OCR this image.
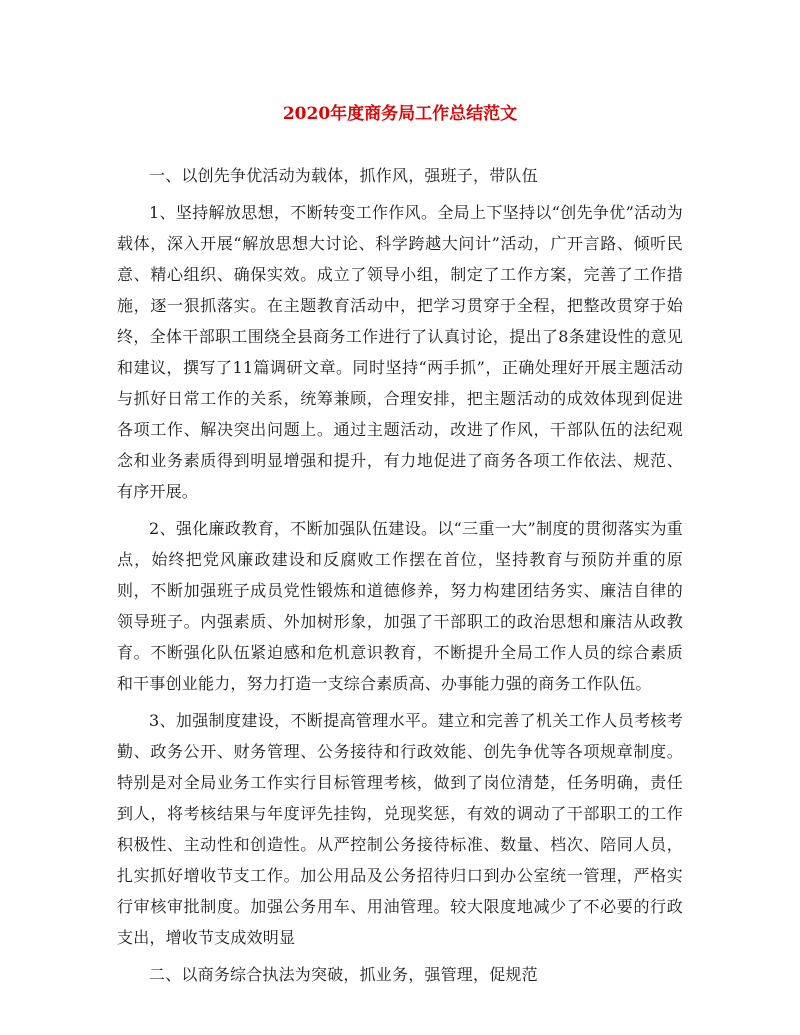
2020年度商务局工作总结范文

一、以创先争优活动为载体，抓作风，强班子，带队伍

1、坚持解放思想，不断转变工作作风。全局上下坚持以“创先争优”活动为载体，深入开展“解放思想大讨论、科学跨越大问计”活动，广开言路、倾听民意、精心组织、确保实效。成立了领导小组，制定了工作方案，完善了工作措施，逐一狠抓落实。在主题教育活动中，把学习贯穿于全程，把整改贯穿于始终，全体干部职工围绕全县商务工作进行了认真讨论，提出了8条建设性的意见和建议，撰写了11篇调研文章。同时坚持“两手抓”，正确处理好开展主题活动与抓好日常工作的关系，统筹兼顾，合理安排，把主题活动的成效体现到促进各项工作、解决突出问题上。通过主题活动，改进了作风，干部队伍的法纪观念和业务素质得到明显增强和提升，有力地促进了商务各项工作依法、规范、有序开展。

2、强化廉政教育，不断加强队伍建设。以“三重一大”制度的贯彻落实为重点，始终把党风廉政建设和反腐败工作摆在首位，坚持教育与预防并重的原则，不断加强班子成员党性锻炼和道德修养，努力构建团结务实、廉洁自律的领导班子。内强素质、外加树形象，加强了干部职工的政治思想和廉洁从政教育。不断强化队伍紧迫感和危机意识教育，不断提升全局工作人员的综合素质和干事创业能力，努力打造一支综合素质高、办事能力强的商务工作队伍。

3、加强制度建设，不断提高管理水平。建立和完善了机关工作人员考核考勤、政务公开、财务管理、公务接待和行政效能、创先争优等各项规章制度。特别是对全局业务工作实行目标管理考核，做到了岗位清楚，任务明确，责任到人，将考核结果与年度评先挂钩，兑现奖惩，有效的调动了干部职工的工作积极性、主动性和创造性。从严控制公务接待标准、数量、档次、陪同人员，扎实抓好增收节支工作。加公用品及公务招待归口到办公室统一管理，严格实行审核审批制度。加强公务用车、用油管理。较大限度地减少了不必要的行政支出，增收节支成效明显

二、以商务综合执法为突破，抓业务，强管理，促规范
